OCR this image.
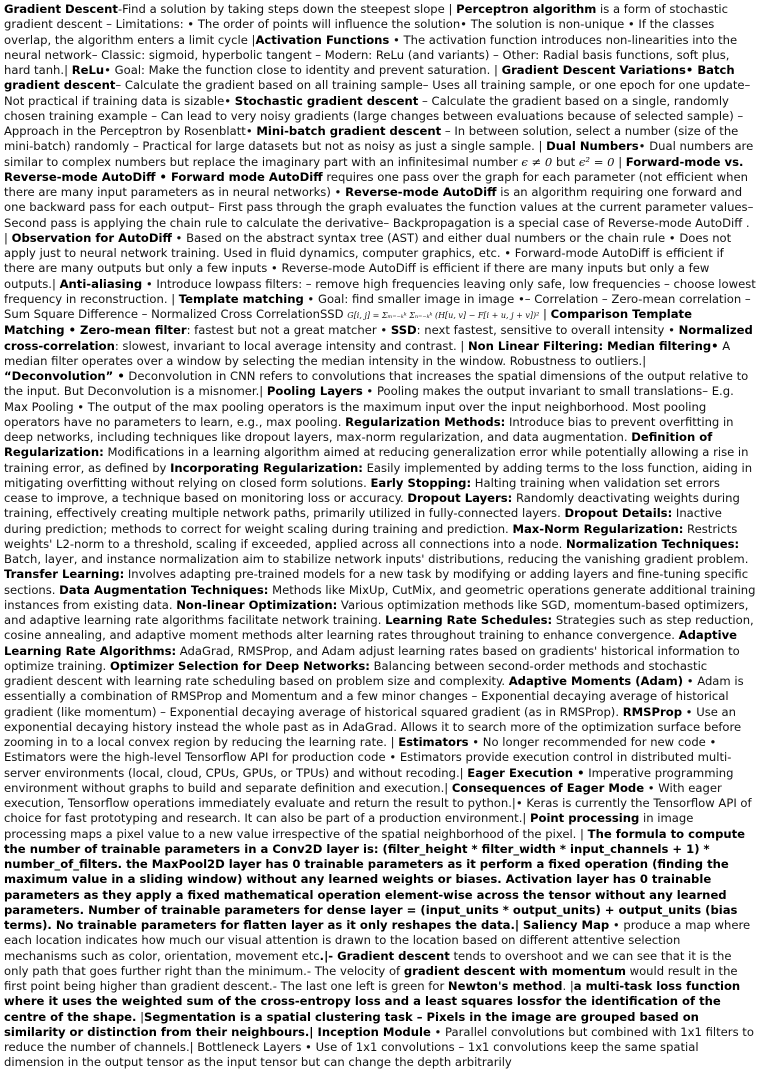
Gradient Descent-Find a solution by taking steps down the steepest slope | Perceptron algorithm is a form of stochastic gradient descent – Limitations: • The order of points will influence the solution• The solution is non-unique • If the classes overlap, the algorithm enters a limit cycle |Activation Functions • The activation function introduces non-linearities into the neural network– Classic: sigmoid, hyperbolic tangent – Modern: ReLu (and variants) – Other: Radial basis functions, soft plus, hard tanh.| ReLu• Goal: Make the function close to identity and prevent saturation. | Gradient Descent Variations• Batch gradient descent– Calculate the gradient based on all training sample– Uses all training sample, or one epoch for one update– Not practical if training data is sizable• Stochastic gradient descent – Calculate the gradient based on a single, randomly chosen training example – Can lead to very noisy gradients (large changes between evaluations because of selected sample) – Approach in the Perceptron by Rosenblatt• Mini-batch gradient descent – In between solution, select a number (size of the mini-batch) randomly – Practical for large datasets but not as noisy as just a single sample. | Dual Numbers• Dual numbers are similar to complex numbers but replace the imaginary part with an infinitesimal number ϵ ≠ 0 but ϵ² = 0 | Forward-mode vs. Reverse-mode AutoDiff • Forward mode AutoDiff requires one pass over the graph for each parameter (not efficient when there are many input parameters as in neural networks) • Reverse-mode AutoDiff is an algorithm requiring one forward and one backward pass for each output– First pass through the graph evaluates the function values at the current parameter values– Second pass is applying the chain rule to calculate the derivative– Backpropagation is a special case of Reverse-mode AutoDiff . | Observation for AutoDiff • Based on the abstract syntax tree (AST) and either dual numbers or the chain rule • Does not apply just to neural network training. Used in fluid dynamics, computer graphics, etc. • Forward-mode AutoDiff is efficient if there are many outputs but only a few inputs • Reverse-mode AutoDiff is efficient if there are many inputs but only a few outputs.| Anti-aliasing • Introduce lowpass filters: – remove high frequencies leaving only safe, low frequencies – choose lowest frequency in reconstruction. | Template matching • Goal: find smaller image in image •– Correlation – Zero-mean correlation – Sum Square Difference – Normalized Cross CorrelationSSD G[i, j] = Σₘ₌₋ₖᵏ Σₙ₌₋ₖᵏ (H[u, v] − F[i + u, j + v])² | Comparison Template Matching • Zero-mean filter: fastest but not a great matcher • SSD: next fastest, sensitive to overall intensity • Normalized cross-correlation: slowest, invariant to local average intensity and contrast. | Non Linear Filtering: Median filtering• A median filter operates over a window by selecting the median intensity in the window. Robustness to outliers.| “Deconvolution” • Deconvolution in CNN refers to convolutions that increases the spatial dimensions of the output relative to the input. But Deconvolution is a misnomer.| Pooling Layers • Pooling makes the output invariant to small translations– E.g. Max Pooling • The output of the max pooling operators is the maximum input over the input neighborhood. Most pooling operators have no parameters to learn, e.g., max pooling. Regularization Methods: Introduce bias to prevent overfitting in deep networks, including techniques like dropout layers, max-norm regularization, and data augmentation. Definition of Regularization: Modifications in a learning algorithm aimed at reducing generalization error while potentially allowing a rise in training error, as defined by Incorporating Regularization: Easily implemented by adding terms to the loss function, aiding in mitigating overfitting without relying on closed form solutions. Early Stopping: Halting training when validation set errors cease to improve, a technique based on monitoring loss or accuracy. Dropout Layers: Randomly deactivating weights during training, effectively creating multiple network paths, primarily utilized in fully-connected layers. Dropout Details: Inactive during prediction; methods to correct for weight scaling during training and prediction. Max-Norm Regularization: Restricts weights' L2-norm to a threshold, scaling if exceeded, applied across all connections into a node. Normalization Techniques: Batch, layer, and instance normalization aim to stabilize network inputs' distributions, reducing the vanishing gradient problem. Transfer Learning: Involves adapting pre-trained models for a new task by modifying or adding layers and fine-tuning specific sections. Data Augmentation Techniques: Methods like MixUp, CutMix, and geometric operations generate additional training instances from existing data. Non-linear Optimization: Various optimization methods like SGD, momentum-based optimizers, and adaptive learning rate algorithms facilitate network training. Learning Rate Schedules: Strategies such as step reduction, cosine annealing, and adaptive moment methods alter learning rates throughout training to enhance convergence. Adaptive Learning Rate Algorithms: AdaGrad, RMSProp, and Adam adjust learning rates based on gradients' historical information to optimize training. Optimizer Selection for Deep Networks: Balancing between second-order methods and stochastic gradient descent with learning rate scheduling based on problem size and complexity. Adaptive Moments (Adam) • Adam is essentially a combination of RMSProp and Momentum and a few minor changes – Exponential decaying average of historical gradient (like momentum) – Exponential decaying average of historical squared gradient (as in RMSProp). RMSProp • Use an exponential decaying history instead the whole past as in AdaGrad. Allows it to search more of the optimization surface before zooming in to a local convex region by reducing the learning rate. | Estimators • No longer recommended for new code • Estimators were the high-level Tensorflow API for production code • Estimators provide execution control in distributed multi-server environments (local, cloud, CPUs, GPUs, or TPUs) and without recoding.| Eager Execution • Imperative programming environment without graphs to build and separate definition and execution.| Consequences of Eager Mode • With eager execution, Tensorflow operations immediately evaluate and return the result to python.|• Keras is currently the Tensorflow API of choice for fast prototyping and research. It can also be part of a production environment.| Point processing in image processing maps a pixel value to a new value irrespective of the spatial neighborhood of the pixel. | The formula to compute the number of trainable parameters in a Conv2D layer is: (filter_height * filter_width * input_channels + 1) * number_of_filters. the MaxPool2D layer has 0 trainable parameters as it perform a fixed operation (finding the maximum value in a sliding window) without any learned weights or biases. Activation layer has 0 trainable parameters as they apply a fixed mathematical operation element-wise across the tensor without any learned parameters. Number of trainable parameters for dense layer = (input_units * output_units) + output_units (bias terms). No trainable parameters for flatten layer as it only reshapes the data.| Saliency Map • produce a map where each location indicates how much our visual attention is drawn to the location based on different attentive selection mechanisms such as color, orientation, movement etc.|- Gradient descent tends to overshoot and we can see that it is the only path that goes further right than the minimum.- The velocity of gradient descent with momentum would result in the first point being higher than gradient descent.- The last one left is green for Newton's method. |a multi-task loss function where it uses the weighted sum of the cross-entropy loss and a least squares lossfor the identification of the centre of the shape. |Segmentation is a spatial clustering task – Pixels in the image are grouped based on similarity or distinction from their neighbours.| Inception Module • Parallel convolutions but combined with 1x1 filters to reduce the number of channels.| Bottleneck Layers • Use of 1x1 convolutions – 1x1 convolutions keep the same spatial dimension in the output tensor as the input tensor but can change the depth arbitrarily
